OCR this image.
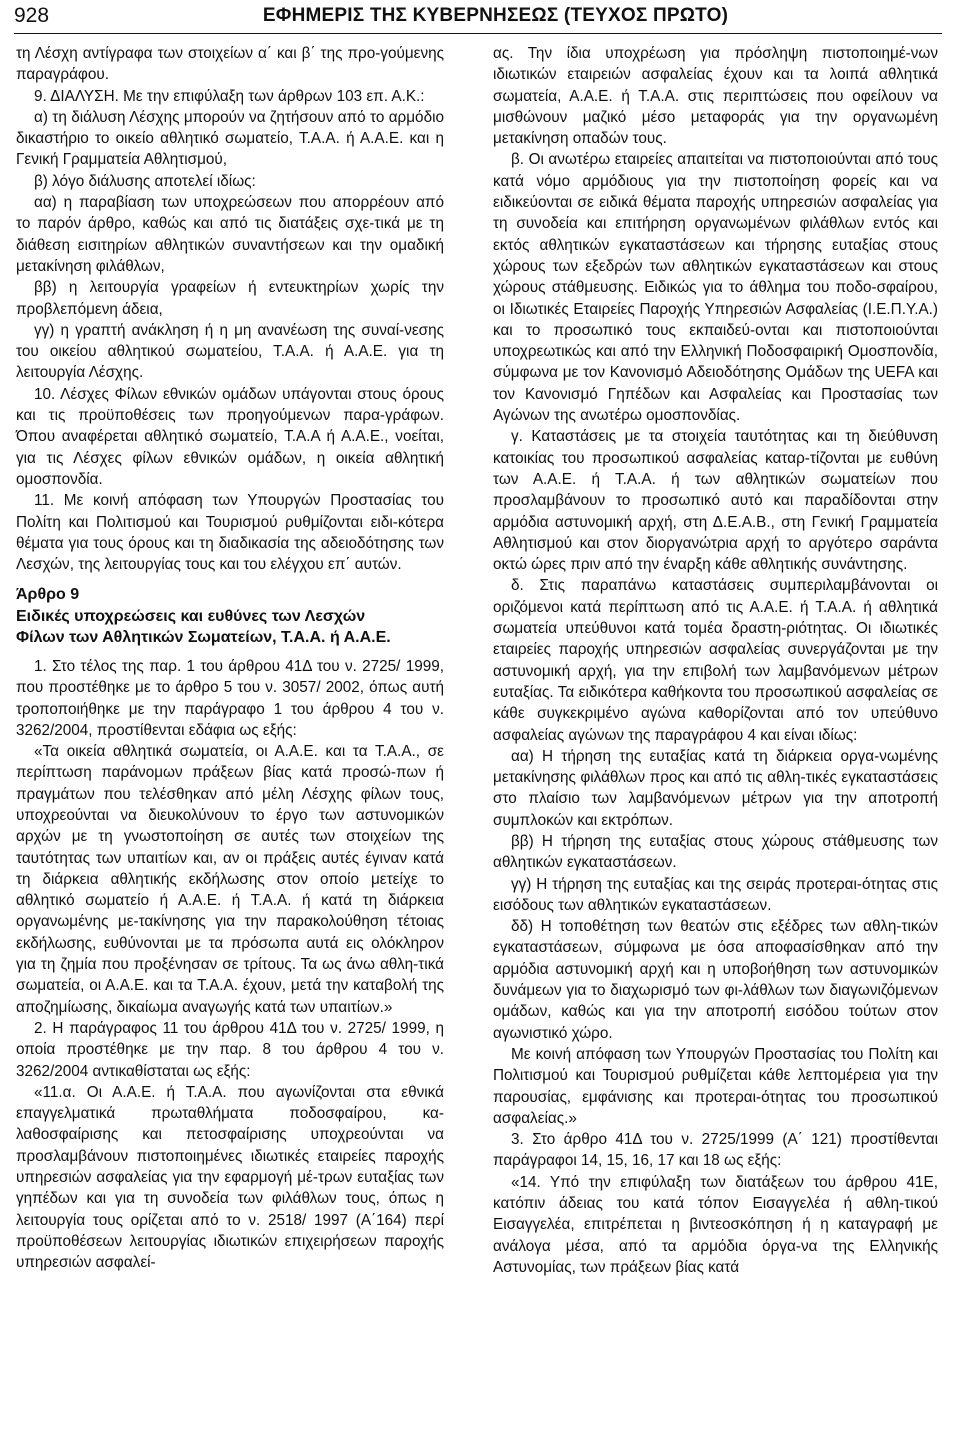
928	ΕΦΗΜΕΡΙΣ ΤΗΣ ΚΥΒΕΡΝΗΣΕΩΣ (ΤΕΥΧΟΣ ΠΡΩΤΟ)

τη Λέσχη αντίγραφα των στοιχείων α΄ και β΄ της προ-γούμενης παραγράφου.

9. ΔΙΑΛΥΣΗ. Με την επιφύλαξη των άρθρων 103 επ. Α.Κ.:

α) τη διάλυση Λέσχης μπορούν να ζητήσουν από το αρμόδιο δικαστήριο το οικείο αθλητικό σωματείο, Τ.Α.Α. ή Α.Α.Ε. και η Γενική Γραμματεία Αθλητισμού,

β) λόγο διάλυσης αποτελεί ιδίως:

αα) η παραβίαση των υποχρεώσεων που απορρέουν από το παρόν άρθρο, καθώς και από τις διατάξεις σχε-τικά με τη διάθεση εισιτηρίων αθλητικών συναντήσεων και την ομαδική μετακίνηση φιλάθλων,

ββ) η λειτουργία γραφείων ή εντευκτηρίων χωρίς την προβλεπόμενη άδεια,

γγ) η γραπτή ανάκληση ή η μη ανανέωση της συναί-νεσης του οικείου αθλητικού σωματείου, Τ.Α.Α. ή Α.Α.Ε. για τη λειτουργία Λέσχης.

10. Λέσχες Φίλων εθνικών ομάδων υπάγονται στους όρους και τις προϋποθέσεις των προηγούμενων παρα-γράφων. Όπου αναφέρεται αθλητικό σωματείο, Τ.Α.Α ή Α.Α.Ε., νοείται, για τις Λέσχες φίλων εθνικών ομάδων, η οικεία αθλητική ομοσπονδία.

11. Με κοινή απόφαση των Υπουργών Προστασίας του Πολίτη και Πολιτισμού και Τουρισμού ρυθμίζονται ειδι-κότερα θέματα για τους όρους και τη διαδικασία της αδειοδότησης των Λεσχών, της λειτουργίας τους και του ελέγχου επ΄ αυτών.

Άρθρο 9

Ειδικές υποχρεώσεις και ευθύνες των Λεσχών

Φίλων των Αθλητικών Σωματείων, Τ.Α.Α. ή Α.Α.Ε.

1. Στο τέλος της παρ. 1 του άρθρου 41Δ του ν. 2725/ 1999, που προστέθηκε με το άρθρο 5 του ν. 3057/ 2002, όπως αυτή τροποποιήθηκε με την παράγραφο 1 του άρθρου 4 του ν. 3262/2004, προστίθενται εδάφια ως εξής:

«Τα οικεία αθλητικά σωματεία, οι Α.Α.Ε. και τα Τ.Α.Α., σε περίπτωση παράνομων πράξεων βίας κατά προσώ-πων ή πραγμάτων που τελέσθηκαν από μέλη Λέσχης φίλων τους, υποχρεούνται να διευκολύνουν το έργο των αστυνομικών αρχών με τη γνωστοποίηση σε αυτές των στοιχείων της ταυτότητας των υπαιτίων και, αν οι πράξεις αυτές έγιναν κατά τη διάρκεια αθλητικής εκδήλωσης στον οποίο μετείχε το αθλητικό σωματείο ή Α.Α.Ε. ή Τ.Α.Α. ή κατά τη διάρκεια οργανωμένης με-τακίνησης για την παρακολούθηση τέτοιας εκδήλωσης, ευθύνονται με τα πρόσωπα αυτά εις ολόκληρον για τη ζημία που προξένησαν σε τρίτους. Τα ως άνω αθλη-τικά σωματεία, οι Α.Α.Ε. και τα Τ.Α.Α. έχουν, μετά την καταβολή της αποζημίωσης, δικαίωμα αναγωγής κατά των υπαιτίων.»

2. Η παράγραφος 11 του άρθρου 41Δ του ν. 2725/ 1999, η οποία προστέθηκε με την παρ. 8 του άρθρου 4 του ν. 3262/2004 αντικαθίσταται ως εξής:

«11.α. Οι Α.Α.Ε. ή Τ.Α.Α. που αγωνίζονται στα εθνικά επαγγελματικά πρωταθλήματα ποδοσφαίρου, κα-λαθοσφαίρισης και πετοσφαίρισης υποχρεούνται να προσλαμβάνουν πιστοποιημένες ιδιωτικές εταιρείες παροχής υπηρεσιών ασφαλείας για την εφαρμογή μέ-τρων ευταξίας των γηπέδων και για τη συνοδεία των φιλάθλων τους, όπως η λειτουργία τους ορίζεται από το ν. 2518/ 1997 (Α΄164) περί προϋποθέσεων λειτουργίας ιδιωτικών επιχειρήσεων παροχής υπηρεσιών ασφαλεί-

ας. Την ίδια υποχρέωση για πρόσληψη πιστοποιημέ-νων ιδιωτικών εταιρειών ασφαλείας έχουν και τα λοιπά αθλητικά σωματεία, Α.Α.Ε. ή Τ.Α.Α. στις περιπτώσεις που οφείλουν να μισθώνουν μαζικό μέσο μεταφοράς για την οργανωμένη μετακίνηση οπαδών τους.

β. Οι ανωτέρω εταιρείες απαιτείται να πιστοποιούνται από τους κατά νόμο αρμόδιους για την πιστοποίηση φορείς και να ειδικεύονται σε ειδικά θέματα παροχής υπηρεσιών ασφαλείας για τη συνοδεία και επιτήρηση οργανωμένων φιλάθλων εντός και εκτός αθλητικών εγκαταστάσεων και τήρησης ευταξίας στους χώρους των εξεδρών των αθλητικών εγκαταστάσεων και στους χώρους στάθμευσης. Ειδικώς για το άθλημα του ποδο-σφαίρου, οι Ιδιωτικές Εταιρείες Παροχής Υπηρεσιών Ασφαλείας (Ι.Ε.Π.Υ.Α.) και το προσωπικό τους εκπαιδεύ-ονται και πιστοποιούνται υποχρεωτικώς και από την Ελληνική Ποδοσφαιρική Ομοσπονδία, σύμφωνα με τον Κανονισμό Αδειοδότησης Ομάδων της UEFA και τον Κανονισμό Γηπέδων και Ασφαλείας και Προστασίας των Αγώνων της ανωτέρω ομοσπονδίας.

γ. Καταστάσεις με τα στοιχεία ταυτότητας και τη διεύθυνση κατοικίας του προσωπικού ασφαλείας καταρ-τίζονται με ευθύνη των Α.Α.Ε. ή Τ.Α.Α. ή των αθλητικών σωματείων που προσλαμβάνουν το προσωπικό αυτό και παραδίδονται στην αρμόδια αστυνομική αρχή, στη Δ.Ε.Α.Β., στη Γενική Γραμματεία Αθλητισμού και στον διοργανώτρια αρχή το αργότερο σαράντα οκτώ ώρες πριν από την έναρξη κάθε αθλητικής συνάντησης.

δ. Στις παραπάνω καταστάσεις συμπεριλαμβάνονται οι οριζόμενοι κατά περίπτωση από τις Α.Α.Ε. ή Τ.Α.Α. ή αθλητικά σωματεία υπεύθυνοι κατά τομέα δραστη-ριότητας. Οι ιδιωτικές εταιρείες παροχής υπηρεσιών ασφαλείας συνεργάζονται με την αστυνομική αρχή, για την επιβολή των λαμβανόμενων μέτρων ευταξίας. Τα ειδικότερα καθήκοντα του προσωπικού ασφαλείας σε κάθε συγκεκριμένο αγώνα καθορίζονται από τον υπεύθυνο ασφαλείας αγώνων της παραγράφου 4 και είναι ιδίως:

αα) Η τήρηση της ευταξίας κατά τη διάρκεια οργα-νωμένης μετακίνησης φιλάθλων προς και από τις αθλη-τικές εγκαταστάσεις στο πλαίσιο των λαμβανόμενων μέτρων για την αποτροπή συμπλοκών και εκτρόπων.

ββ) Η τήρηση της ευταξίας στους χώρους στάθμευσης των αθλητικών εγκαταστάσεων.

γγ) Η τήρηση της ευταξίας και της σειράς προτεραι-ότητας στις εισόδους των αθλητικών εγκαταστάσεων.

δδ) Η τοποθέτηση των θεατών στις εξέδρες των αθλη-τικών εγκαταστάσεων, σύμφωνα με όσα αποφασίσθηκαν από την αρμόδια αστυνομική αρχή και η υποβοήθηση των αστυνομικών δυνάμεων για το διαχωρισμό των φι-λάθλων των διαγωνιζόμενων ομάδων, καθώς και για την αποτροπή εισόδου τούτων στον αγωνιστικό χώρο.

Με κοινή απόφαση των Υπουργών Προστασίας του Πολίτη και Πολιτισμού και Τουρισμού ρυθμίζεται κάθε λεπτομέρεια για την παρουσίας, εμφάνισης και προτεραι-ότητας του προσωπικού ασφαλείας.»

3. Στο άρθρο 41Δ του ν. 2725/1999 (Α΄ 121) προστίθενται παράγραφοι 14, 15, 16, 17 και 18 ως εξής:

«14. Υπό την επιφύλαξη των διατάξεων του άρθρου 41Ε, κατόπιν άδειας του κατά τόπον Εισαγγελέα ή αθλη-τικού Εισαγγελέα, επιτρέπεται η βιντεοσκόπηση ή η καταγραφή με ανάλογα μέσα, από τα αρμόδια όργα-να της Ελληνικής Αστυνομίας, των πράξεων βίας κατά
